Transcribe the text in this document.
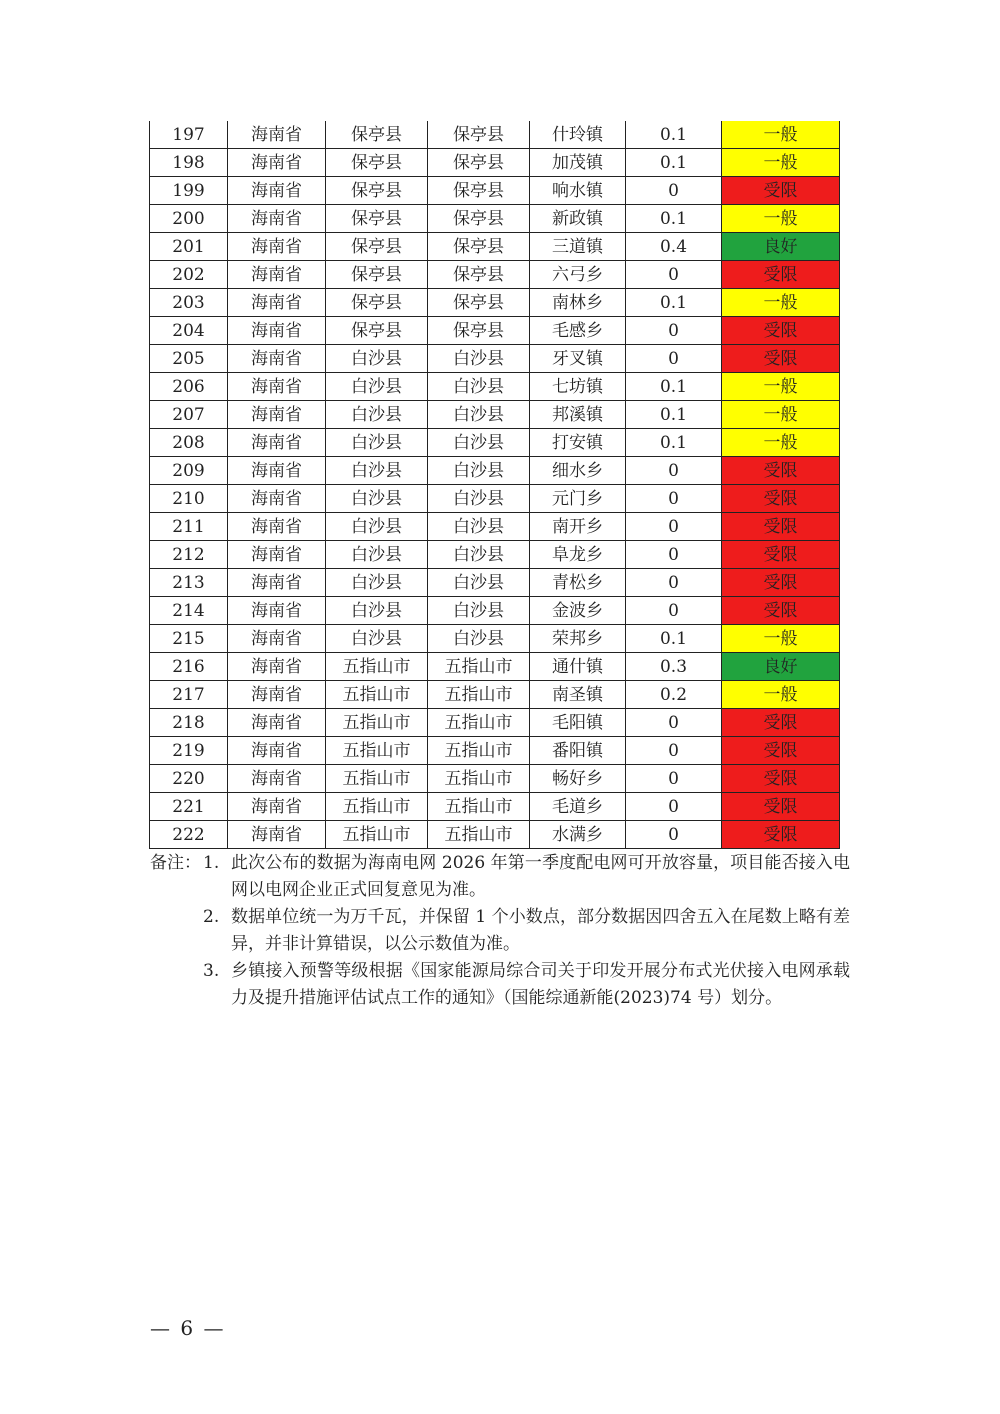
197	海南省	保亭县	保亭县	什玲镇	0.1	一般
198	海南省	保亭县	保亭县	加茂镇	0.1	一般
199	海南省	保亭县	保亭县	响水镇	0	受限
200	海南省	保亭县	保亭县	新政镇	0.1	一般
201	海南省	保亭县	保亭县	三道镇	0.4	良好
202	海南省	保亭县	保亭县	六弓乡	0	受限
203	海南省	保亭县	保亭县	南林乡	0.1	一般
204	海南省	保亭县	保亭县	毛感乡	0	受限
205	海南省	白沙县	白沙县	牙叉镇	0	受限
206	海南省	白沙县	白沙县	七坊镇	0.1	一般
207	海南省	白沙县	白沙县	邦溪镇	0.1	一般
208	海南省	白沙县	白沙县	打安镇	0.1	一般
209	海南省	白沙县	白沙县	细水乡	0	受限
210	海南省	白沙县	白沙县	元门乡	0	受限
211	海南省	白沙县	白沙县	南开乡	0	受限
212	海南省	白沙县	白沙县	阜龙乡	0	受限
213	海南省	白沙县	白沙县	青松乡	0	受限
214	海南省	白沙县	白沙县	金波乡	0	受限
215	海南省	白沙县	白沙县	荣邦乡	0.1	一般
216	海南省	五指山市	五指山市	通什镇	0.3	良好
217	海南省	五指山市	五指山市	南圣镇	0.2	一般
218	海南省	五指山市	五指山市	毛阳镇	0	受限
219	海南省	五指山市	五指山市	番阳镇	0	受限
220	海南省	五指山市	五指山市	畅好乡	0	受限
221	海南省	五指山市	五指山市	毛道乡	0	受限
222	海南省	五指山市	五指山市	水满乡	0	受限
备注： 1. 此次公布的数据为海南电网 2026 年第一季度配电网可开放容量，项目能否接入电网以电网企业正式回复意见为准。
2. 数据单位统一为万千瓦，并保留 1 个小数点，部分数据因四舍五入在尾数上略有差异，并非计算错误，以公示数值为准。
3. 乡镇接入预警等级根据《国家能源局综合司关于印发开展分布式光伏接入电网承载力及提升措施评估试点工作的通知》（国能综通新能(2023)74 号）划分。
— 6 —
